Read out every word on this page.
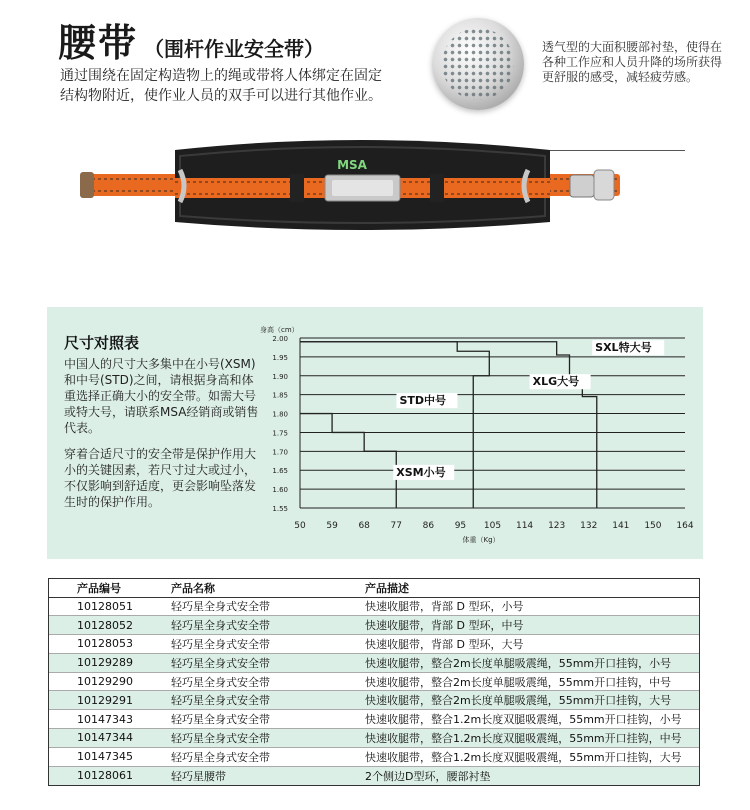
腰带 （围杆作业安全带）
通过围绕在固定构造物上的绳或带将人体绑定在固定结构物附近，使作业人员的双手可以进行其他作业。
透气型的大面积腰部衬垫，使得在各种工作应和人员升降的场所获得更舒服的感受，减轻疲劳感。
MSA
尺寸对照表
中国人的尺寸大多集中在小号(XSM)和中号(STD)之间，请根据身高和体重选择正确大小的安全带。如需大号或特大号，请联系MSA经销商或销售代表。
穿着合适尺寸的安全带是保护作用大小的关键因素，若尺寸过大或过小，不仅影响到舒适度，更会影响坠落发生时的保护作用。
2.00
1.95
1.90
1.85
1.80
1.75
1.70
1.65
1.60
1.55
50 59 68 77 86 95 105 114 123 132 141 150 164
身高（cm）
体重（Kg）
XSM小号
STD中号
XLG大号
SXL特大号
产品编号	产品名称	产品描述
10128051	轻巧星全身式安全带	快速收腿带，背部 D 型环，小号
10128052	轻巧星全身式安全带	快速收腿带，背部 D 型环，中号
10128053	轻巧星全身式安全带	快速收腿带，背部 D 型环，大号
10129289	轻巧星全身式安全带	快速收腿带，整合2m长度单腿吸震绳，55mm开口挂钩，小号
10129290	轻巧星全身式安全带	快速收腿带，整合2m长度单腿吸震绳，55mm开口挂钩，中号
10129291	轻巧星全身式安全带	快速收腿带，整合2m长度单腿吸震绳，55mm开口挂钩，大号
10147343	轻巧星全身式安全带	快速收腿带，整合1.2m长度双腿吸震绳，55mm开口挂钩，小号
10147344	轻巧星全身式安全带	快速收腿带，整合1.2m长度双腿吸震绳，55mm开口挂钩，中号
10147345	轻巧星全身式安全带	快速收腿带，整合1.2m长度双腿吸震绳，55mm开口挂钩，大号
10128061	轻巧星腰带	2个侧边D型环，腰部衬垫
